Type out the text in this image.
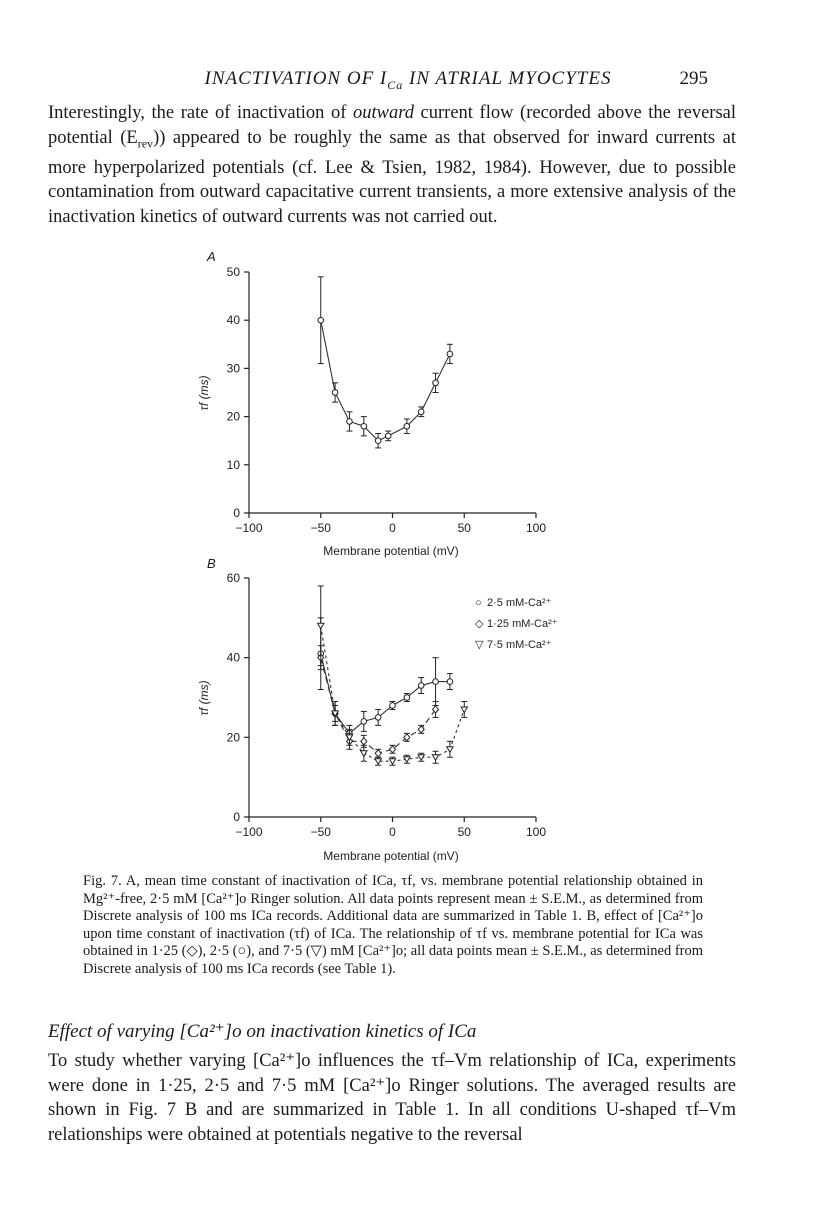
INACTIVATION OF $I_{Ca}$ IN ATRIAL MYOCYTES	295

Interestingly, the rate of inactivation of outward current flow (recorded above the reversal potential $(E_{rev})$) appeared to be roughly the same as that observed for inward currents at more hyperpolarized potentials (cf. Lee & Tsien, 1982, 1984). However, due to possible contamination from outward capacitative current transients, a more extensive analysis of the inactivation kinetics of outward currents was not carried out.

A
0
10
20
30
40
50
−100	−50	0	50	100
Membrane potential (mV)
τf (ms)
B
0
20
40
60
−100	−50	0	50	100
○ 2·5 mM-Ca²⁺
◇ 1·25 mM-Ca²⁺
▽ 7·5 mM-Ca²⁺
Membrane potential (mV)
τf (ms)

Fig. 7. A, mean time constant of inactivation of ICa, τf, vs. membrane potential relationship obtained in Mg²⁺-free, 2·5 mM [Ca²⁺]o Ringer solution. All data points represent mean ± S.E.M., as determined from Discrete analysis of 100 ms ICa records. Additional data are summarized in Table 1. B, effect of [Ca²⁺]o upon time constant of inactivation (τf) of ICa. The relationship of τf vs. membrane potential for ICa was obtained in 1·25 (◇), 2·5 (○), and 7·5 (▽) mM [Ca²⁺]o; all data points mean ± S.E.M., as determined from Discrete analysis of 100 ms ICa records (see Table 1).

Effect of varying [Ca²⁺]o on inactivation kinetics of ICa

To study whether varying [Ca²⁺]o influences the τf–Vm relationship of ICa, experiments were done in 1·25, 2·5 and 7·5 mM [Ca²⁺]o Ringer solutions. The averaged results are shown in Fig. 7 B and are summarized in Table 1. In all conditions U-shaped τf–Vm relationships were obtained at potentials negative to the reversal
